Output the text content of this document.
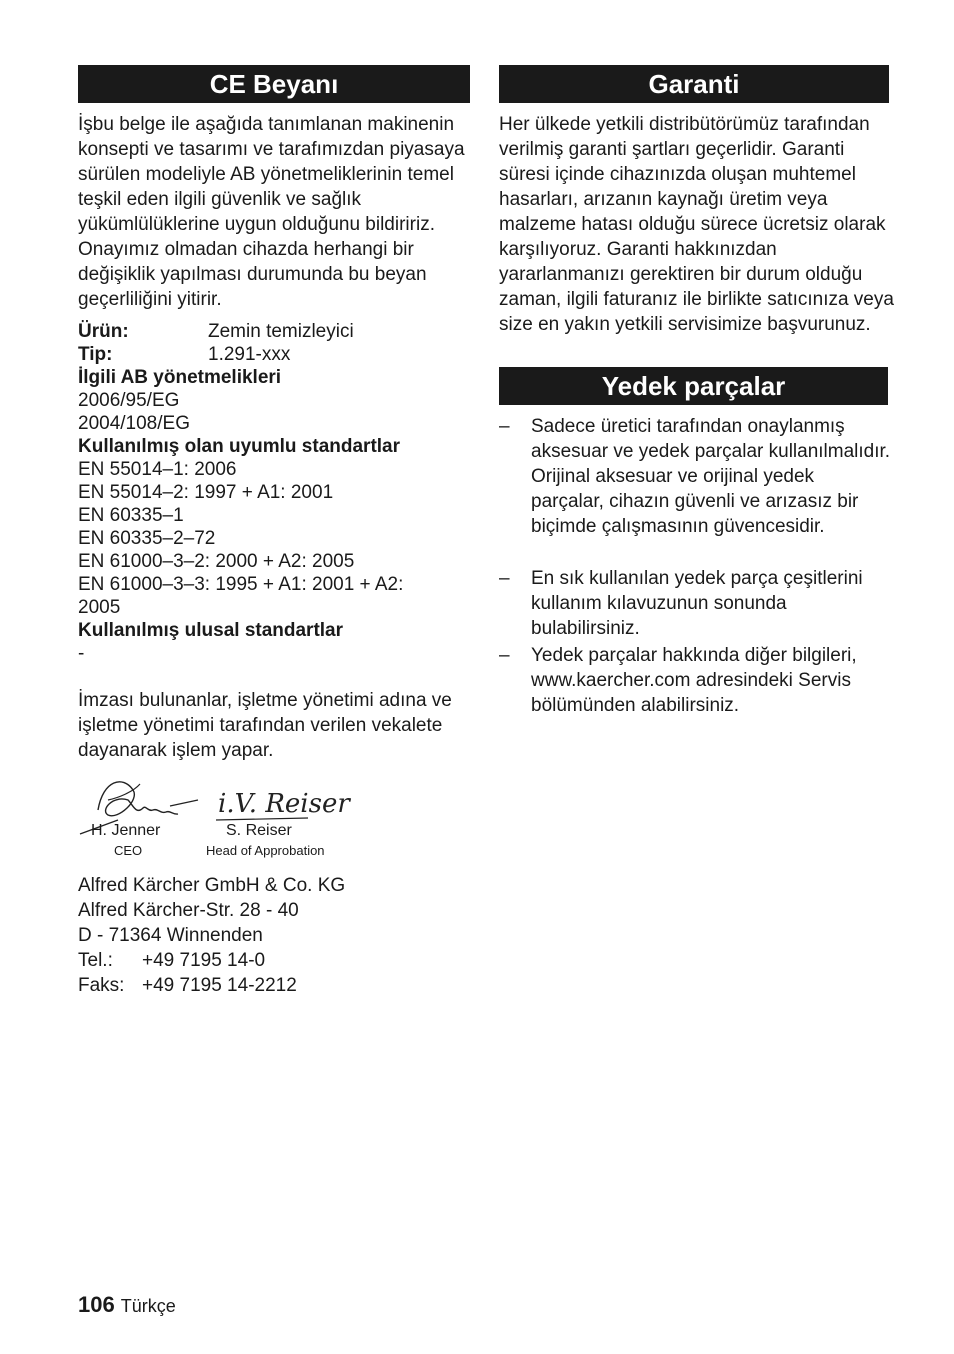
CE Beyanı

İşbu belge ile aşağıda tanımlanan makinenin konsepti ve tasarımı ve tarafımızdan piyasaya sürülen modeliyle AB yönetmeliklerinin temel teşkil eden ilgili güvenlik ve sağlık yükümlülüklerine uygun olduğunu bildiririz. Onayımız olmadan cihazda herhangi bir değişiklik yapılması durumunda bu beyan geçerliliğini yitirir.

Ürün:	Zemin temizleyici
Tip:	1.291-xxx
İlgili AB yönetmelikleri
2006/95/EG
2004/108/EG
Kullanılmış olan uyumlu standartlar
EN 55014–1: 2006
EN 55014–2: 1997 + A1: 2001
EN 60335–1
EN 60335–2–72
EN 61000–3–2: 2000 + A2: 2005
EN 61000–3–3: 1995 + A1: 2001 + A2:
2005
Kullanılmış ulusal standartlar
-

İmzası bulunanlar, işletme yönetimi adına ve işletme yönetimi tarafından verilen vekalete dayanarak işlem yapar.

i.V. Reiser
H. Jenner
CEO
S. Reiser
Head of Approbation
Alfred Kärcher GmbH & Co. KG
Alfred Kärcher-Str. 28 - 40
D - 71364 Winnenden
Tel.: +49 7195 14-0
Faks: +49 7195 14-2212
Garanti

Her ülkede yetkili distribütörümüz tarafından verilmiş garanti şartları geçerlidir. Garanti süresi içinde cihazınızda oluşan muhtemel hasarları, arızanın kaynağı üretim veya malzeme hatası olduğu sürece ücretsiz olarak karşılıyoruz. Garanti hakkınızdan yararlanmanızı gerektiren bir durum olduğu zaman, ilgili faturanız ile birlikte satıcınıza veya size en yakın yetkili servisimize başvurunuz.

Yedek parçalar
– Sadece üretici tarafından onaylanmış aksesuar ve yedek parçalar kullanılmalıdır. Orijinal aksesuar ve orijinal yedek parçalar, cihazın güvenli ve arızasız bir biçimde çalışmasının güvencesidir.
– En sık kullanılan yedek parça çeşitlerini kullanım kılavuzunun sonunda bulabilirsiniz.
– Yedek parçalar hakkında diğer bilgileri, www.kaercher.com adresindeki Servis bölümünden alabilirsiniz.
106 Türkçe
